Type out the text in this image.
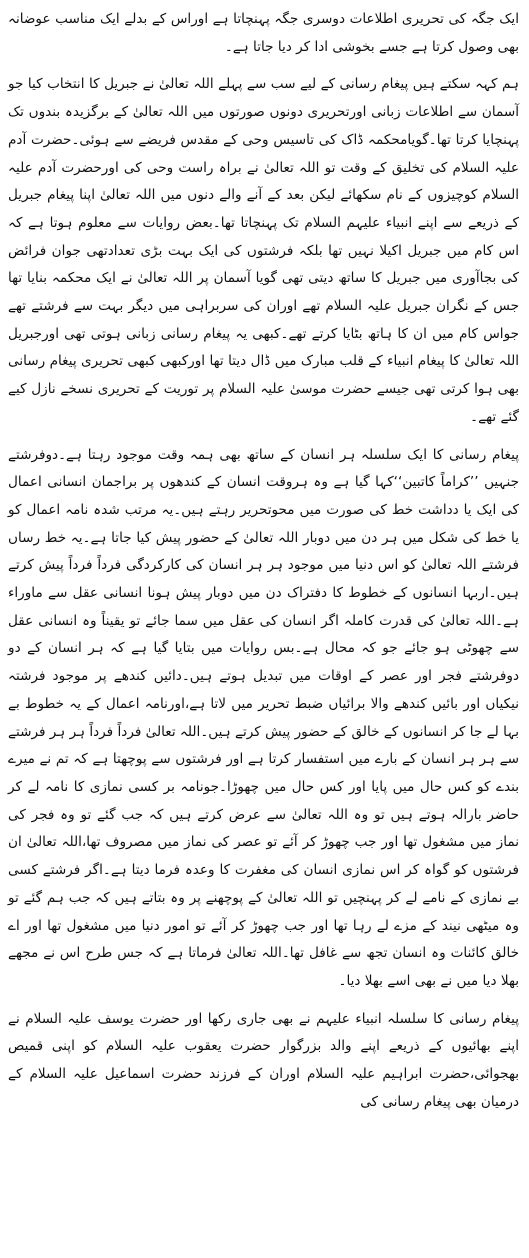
ایک جگہ کی تحریری اطلاعات دوسری جگہ پہنچاتا ہے اوراس کے بدلے ایک مناسب عوضانہ بھی وصول کرتا ہے جسے بخوشی ادا کر دیا جاتا ہے۔

ہم کہہ سکتے ہیں پیغام رسانی کے لیے سب سے پہلے اللہ تعالیٰ نے جبریل کا انتخاب کیا جو آسمان سے اطلاعات زبانی اورتحریری دونوں صورتوں میں اللہ تعالیٰ کے برگزیدہ بندوں تک پہنچایا کرتا تھا۔گویامحکمہ ڈاک کی تاسیس وحی کے مقدس فریضے سے ہوئی۔حضرت آدم علیہ السلام کی تخلیق کے وقت تو اللہ تعالیٰ نے براہ راست وحی کی اورحضرت آدم علیہ السلام کوچیزوں کے نام سکھائے لیکن بعد کے آنے والے دنوں میں اللہ تعالیٰ اپنا پیغام جبریل کے ذریعے سے اپنے انبیاء علیہم السلام تک پہنچاتا تھا۔بعض روایات سے معلوم ہوتا ہے کہ اس کام میں جبریل اکیلا نہیں تھا بلکہ فرشتوں کی ایک بہت بڑی تعدادتھی جوان فرائض کی بجاآوری میں جبریل کا ساتھ دیتی تھی گویا آسمان پر اللہ تعالیٰ نے ایک محکمہ بنایا تھا جس کے نگران جبریل علیہ السلام تھے اوران کی سربراہی میں دیگر بہت سے فرشتے تھے جواس کام میں ان کا ہاتھ بٹایا کرتے تھے۔کبھی یہ پیغام رسانی زبانی ہوتی تھی اورجبریل اللہ تعالیٰ کا پیغام انبیاء کے قلب مبارک میں ڈال دیتا تھا اورکبھی کبھی تحریری پیغام رسانی بھی ہوا کرتی تھی جیسے حضرت موسیٰ علیہ السلام پر توریت کے تحریری نسخے نازل کیے گئے تھے۔

پیغام رسانی کا ایک سلسلہ ہر انسان کے ساتھ بھی ہمہ وقت موجود رہتا ہے۔دوفرشتے جنہیں ’’کراماً کاتبین‘‘کہا گیا ہے وہ ہروقت انسان کے کندھوں پر براجمان انسانی اعمال کی ایک یا دداشت خط کی صورت میں محوتحریر رہتے ہیں۔یہ مرتب شدہ نامہ اعمال کو یا خط کی شکل میں ہر دن میں دوبار اللہ تعالیٰ کے حضور پیش کیا جاتا ہے۔یہ خط رساں فرشتے اللہ تعالیٰ کو اس دنیا میں موجود ہر ہر انسان کی کارکردگی فرداً فرداً پیش کرتے ہیں۔اربہا انسانوں کے خطوط کا دفتراک دن میں دوبار پیش ہونا انسانی عقل سے ماوراء ہے۔اللہ تعالیٰ کی قدرت کاملہ اگر انسان کی عقل میں سما جائے تو یقیناً وہ انسانی عقل سے چھوٹی ہو جائے جو کہ محال ہے۔بس روایات میں بتایا گیا ہے کہ ہر انسان کے دو دوفرشتے فجر اور عصر کے اوقات میں تبدیل ہوتے ہیں۔دائیں کندھے پر موجود فرشتہ نیکیاں اور بائیں کندھے والا برائیاں ضبط تحریر میں لاتا ہے،اورنامہ اعمال کے یہ خطوط بے بہا لے جا کر انسانوں کے خالق کے حضور پیش کرتے ہیں۔اللہ تعالیٰ فرداً فرداً ہر ہر فرشتے سے ہر ہر انسان کے بارے میں استفسار کرتا ہے اور فرشتوں سے پوچھتا ہے کہ تم نے میرے بندے کو کس حال میں پایا اور کس حال میں چھوڑا۔جونامہ بر کسی نمازی کا نامہ لے کر حاضر بارالہ ہوتے ہیں تو وہ اللہ تعالیٰ سے عرض کرتے ہیں کہ جب گئے تو وہ فجر کی نماز میں مشغول تھا اور جب چھوڑ کر آئے تو عصر کی نماز میں مصروف تھا،اللہ تعالیٰ ان فرشتوں کو گواہ کر اس نمازی انسان کی مغفرت کا وعدہ فرما دیتا ہے۔اگر فرشتے کسی بے نمازی کے نامے لے کر پہنچیں تو اللہ تعالیٰ کے پوچھنے پر وہ بتاتے ہیں کہ جب ہم گئے تو وہ میٹھی نیند کے مزے لے رہا تھا اور جب چھوڑ کر آئے تو امور دنیا میں مشغول تھا اور اے خالق کائنات وہ انسان تجھ سے غافل تھا۔اللہ تعالیٰ فرماتا ہے کہ جس طرح اس نے مجھے بھلا دیا میں نے بھی اسے بھلا دیا۔

پیغام رسانی کا سلسلہ انبیاء علیہم نے بھی جاری رکھا اور حضرت یوسف علیہ السلام نے اپنے بھائیوں کے ذریعے اپنے والد بزرگوار حضرت یعقوب علیہ السلام کو اپنی قمیص بھجوائی،حضرت ابراہیم علیہ السلام اوران کے فرزند حضرت اسماعیل علیہ السلام کے درمیان بھی پیغام رسانی کی
